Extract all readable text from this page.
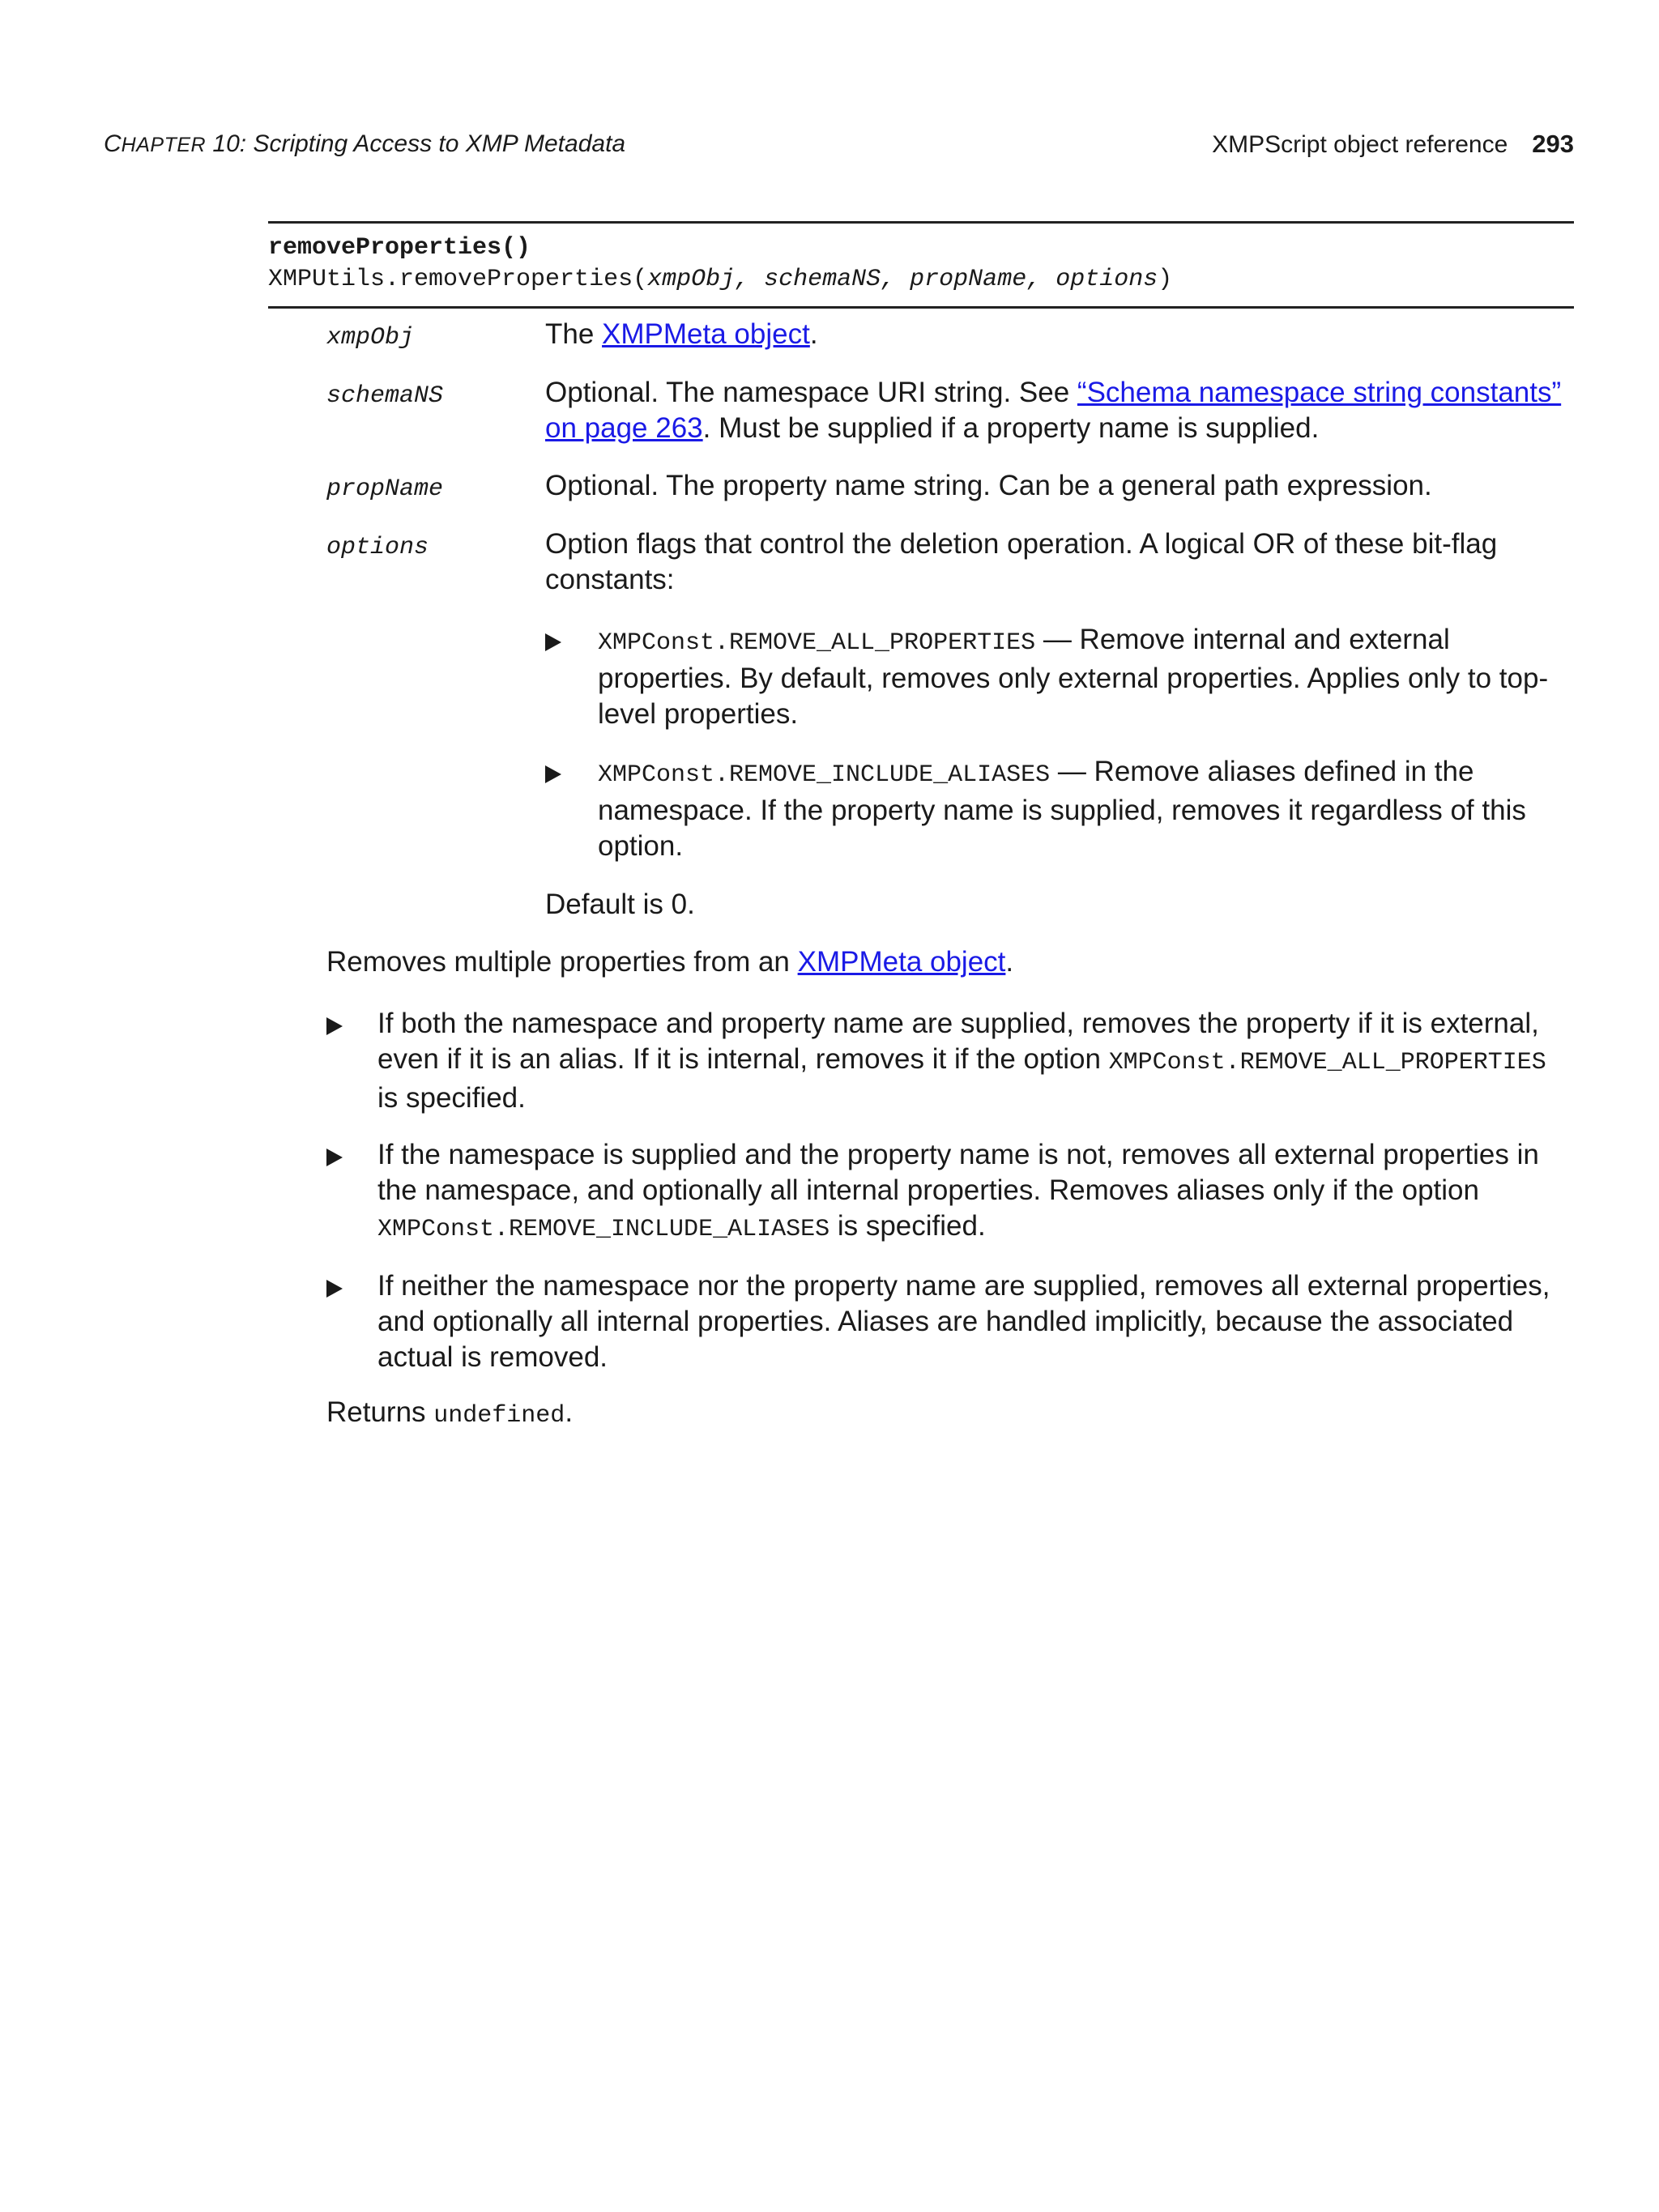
CHAPTER 10: Scripting Access to XMP Metadata	XMPScript object reference 293
removeProperties()
XMPUtils.removeProperties(xmpObj, schemaNS, propName, options)
xmpObj	The XMPMeta object.
schemaNS	Optional. The namespace URI string. See “Schema namespace string constants” on page 263. Must be supplied if a property name is supplied.
propName	Optional. The property name string. Can be a general path expression.
options	Option flags that control the deletion operation. A logical OR of these bit-flag constants:
XMPConst.REMOVE_ALL_PROPERTIES — Remove internal and external properties. By default, removes only external properties. Applies only to top-level properties.
XMPConst.REMOVE_INCLUDE_ALIASES — Remove aliases defined in the namespace. If the property name is supplied, removes it regardless of this option.
Default is 0.
Removes multiple properties from an XMPMeta object.
If both the namespace and property name are supplied, removes the property if it is external, even if it is an alias. If it is internal, removes it if the option XMPConst.REMOVE_ALL_PROPERTIES is specified.
If the namespace is supplied and the property name is not, removes all external properties in the namespace, and optionally all internal properties. Removes aliases only if the option XMPConst.REMOVE_INCLUDE_ALIASES is specified.
If neither the namespace nor the property name are supplied, removes all external properties, and optionally all internal properties. Aliases are handled implicitly, because the associated actual is removed.
Returns undefined.
